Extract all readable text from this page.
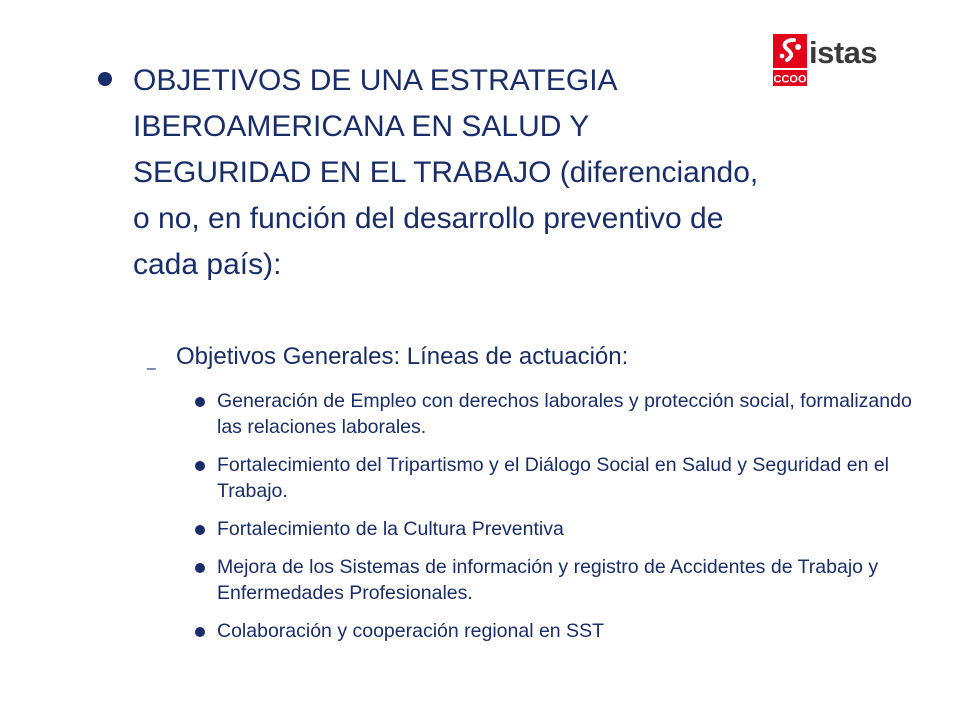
CCOO
istas

OBJETIVOS DE UNA ESTRATEGIA IBEROAMERICANA EN SALUD Y SEGURIDAD EN EL TRABAJO (diferenciando, o no, en función del desarrollo preventivo de cada país):

– Objetivos Generales: Líneas de actuación:

Generación de Empleo con derechos laborales y protección social, formalizando las relaciones laborales.
Fortalecimiento del Tripartismo y el Diálogo Social en Salud y Seguridad en el Trabajo.
Fortalecimiento de la Cultura Preventiva
Mejora de los Sistemas de información y registro de Accidentes de Trabajo y Enfermedades Profesionales.
Colaboración y cooperación regional en SST
